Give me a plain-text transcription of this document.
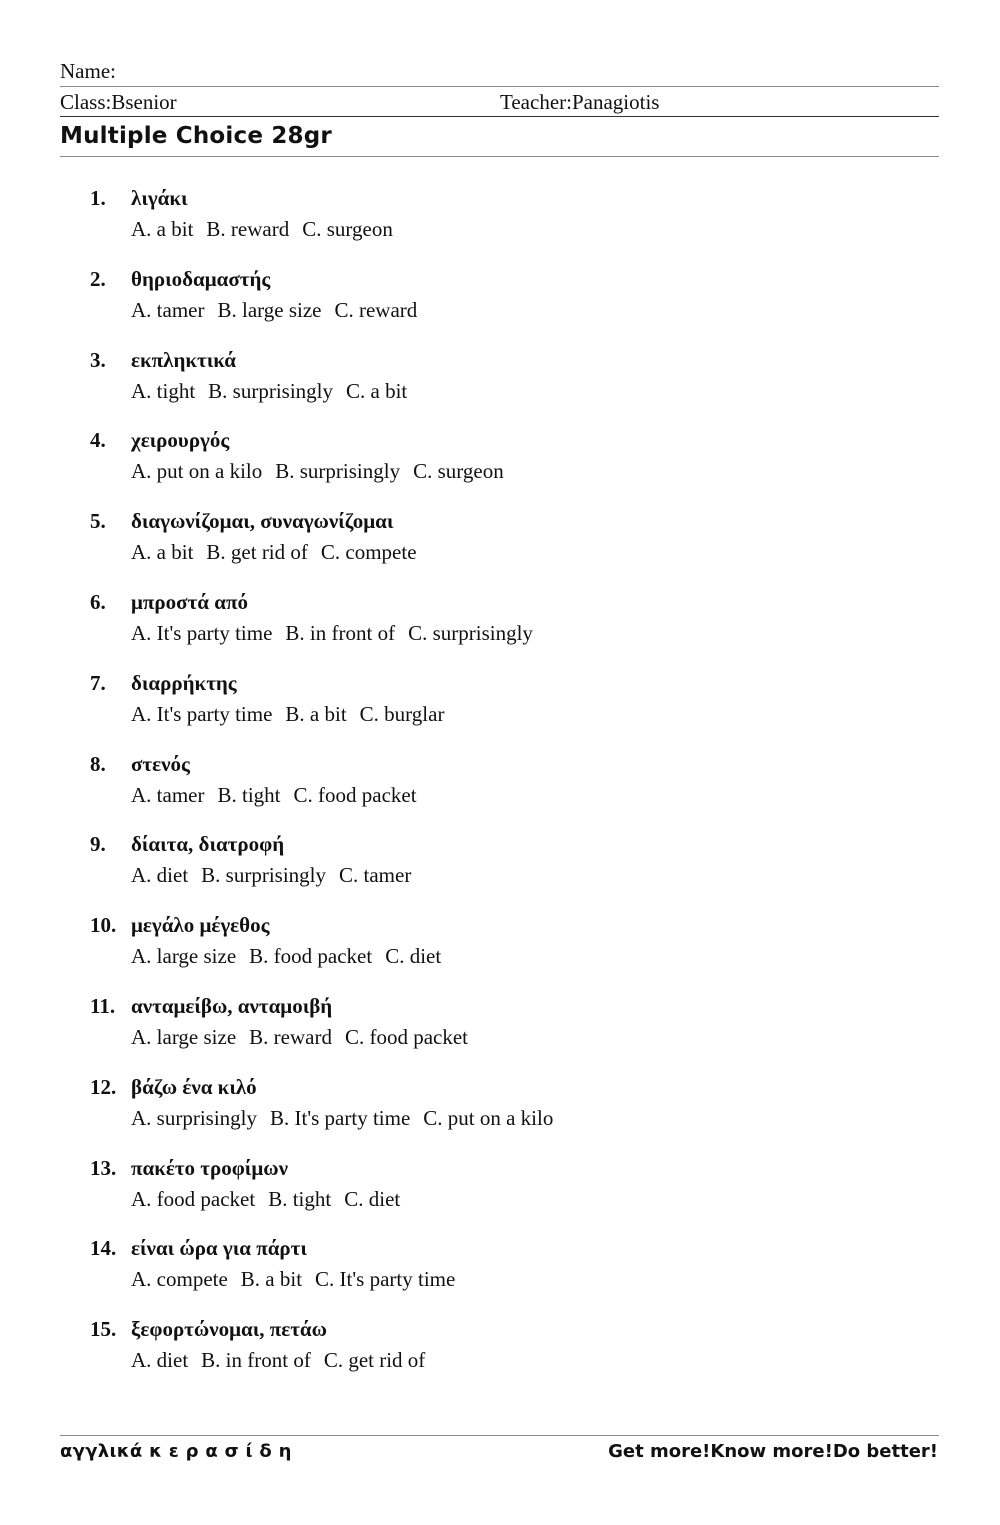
Name:
Class:Bsenior	Teacher:Panagiotis
Multiple Choice 28gr
1. λιγάκι
A. a bit B. reward C. surgeon
2. θηριοδαμαστής
A. tamer B. large size C. reward
3. εκπληκτικά
A. tight B. surprisingly C. a bit
4. χειρουργός
A. put on a kilo B. surprisingly C. surgeon
5. διαγωνίζομαι, συναγωνίζομαι
A. a bit B. get rid of C. compete
6. μπροστά από
A. It's party time B. in front of C. surprisingly
7. διαρρήκτης
A. It's party time B. a bit C. burglar
8. στενός
A. tamer B. tight C. food packet
9. δίαιτα, διατροφή
A. diet B. surprisingly C. tamer
10. μεγάλο μέγεθος
A. large size B. food packet C. diet
11. ανταμείβω, ανταμοιβή
A. large size B. reward C. food packet
12. βάζω ένα κιλό
A. surprisingly B. It's party time C. put on a kilo
13. πακέτο τροφίμων
A. food packet B. tight C. diet
14. είναι ώρα για πάρτι
A. compete B. a bit C. It's party time
15. ξεφορτώνομαι, πετάω
A. diet B. in front of C. get rid of
αγγλικά κ ε ρ α σ ί δ η	Get more!Know more!Do better!
